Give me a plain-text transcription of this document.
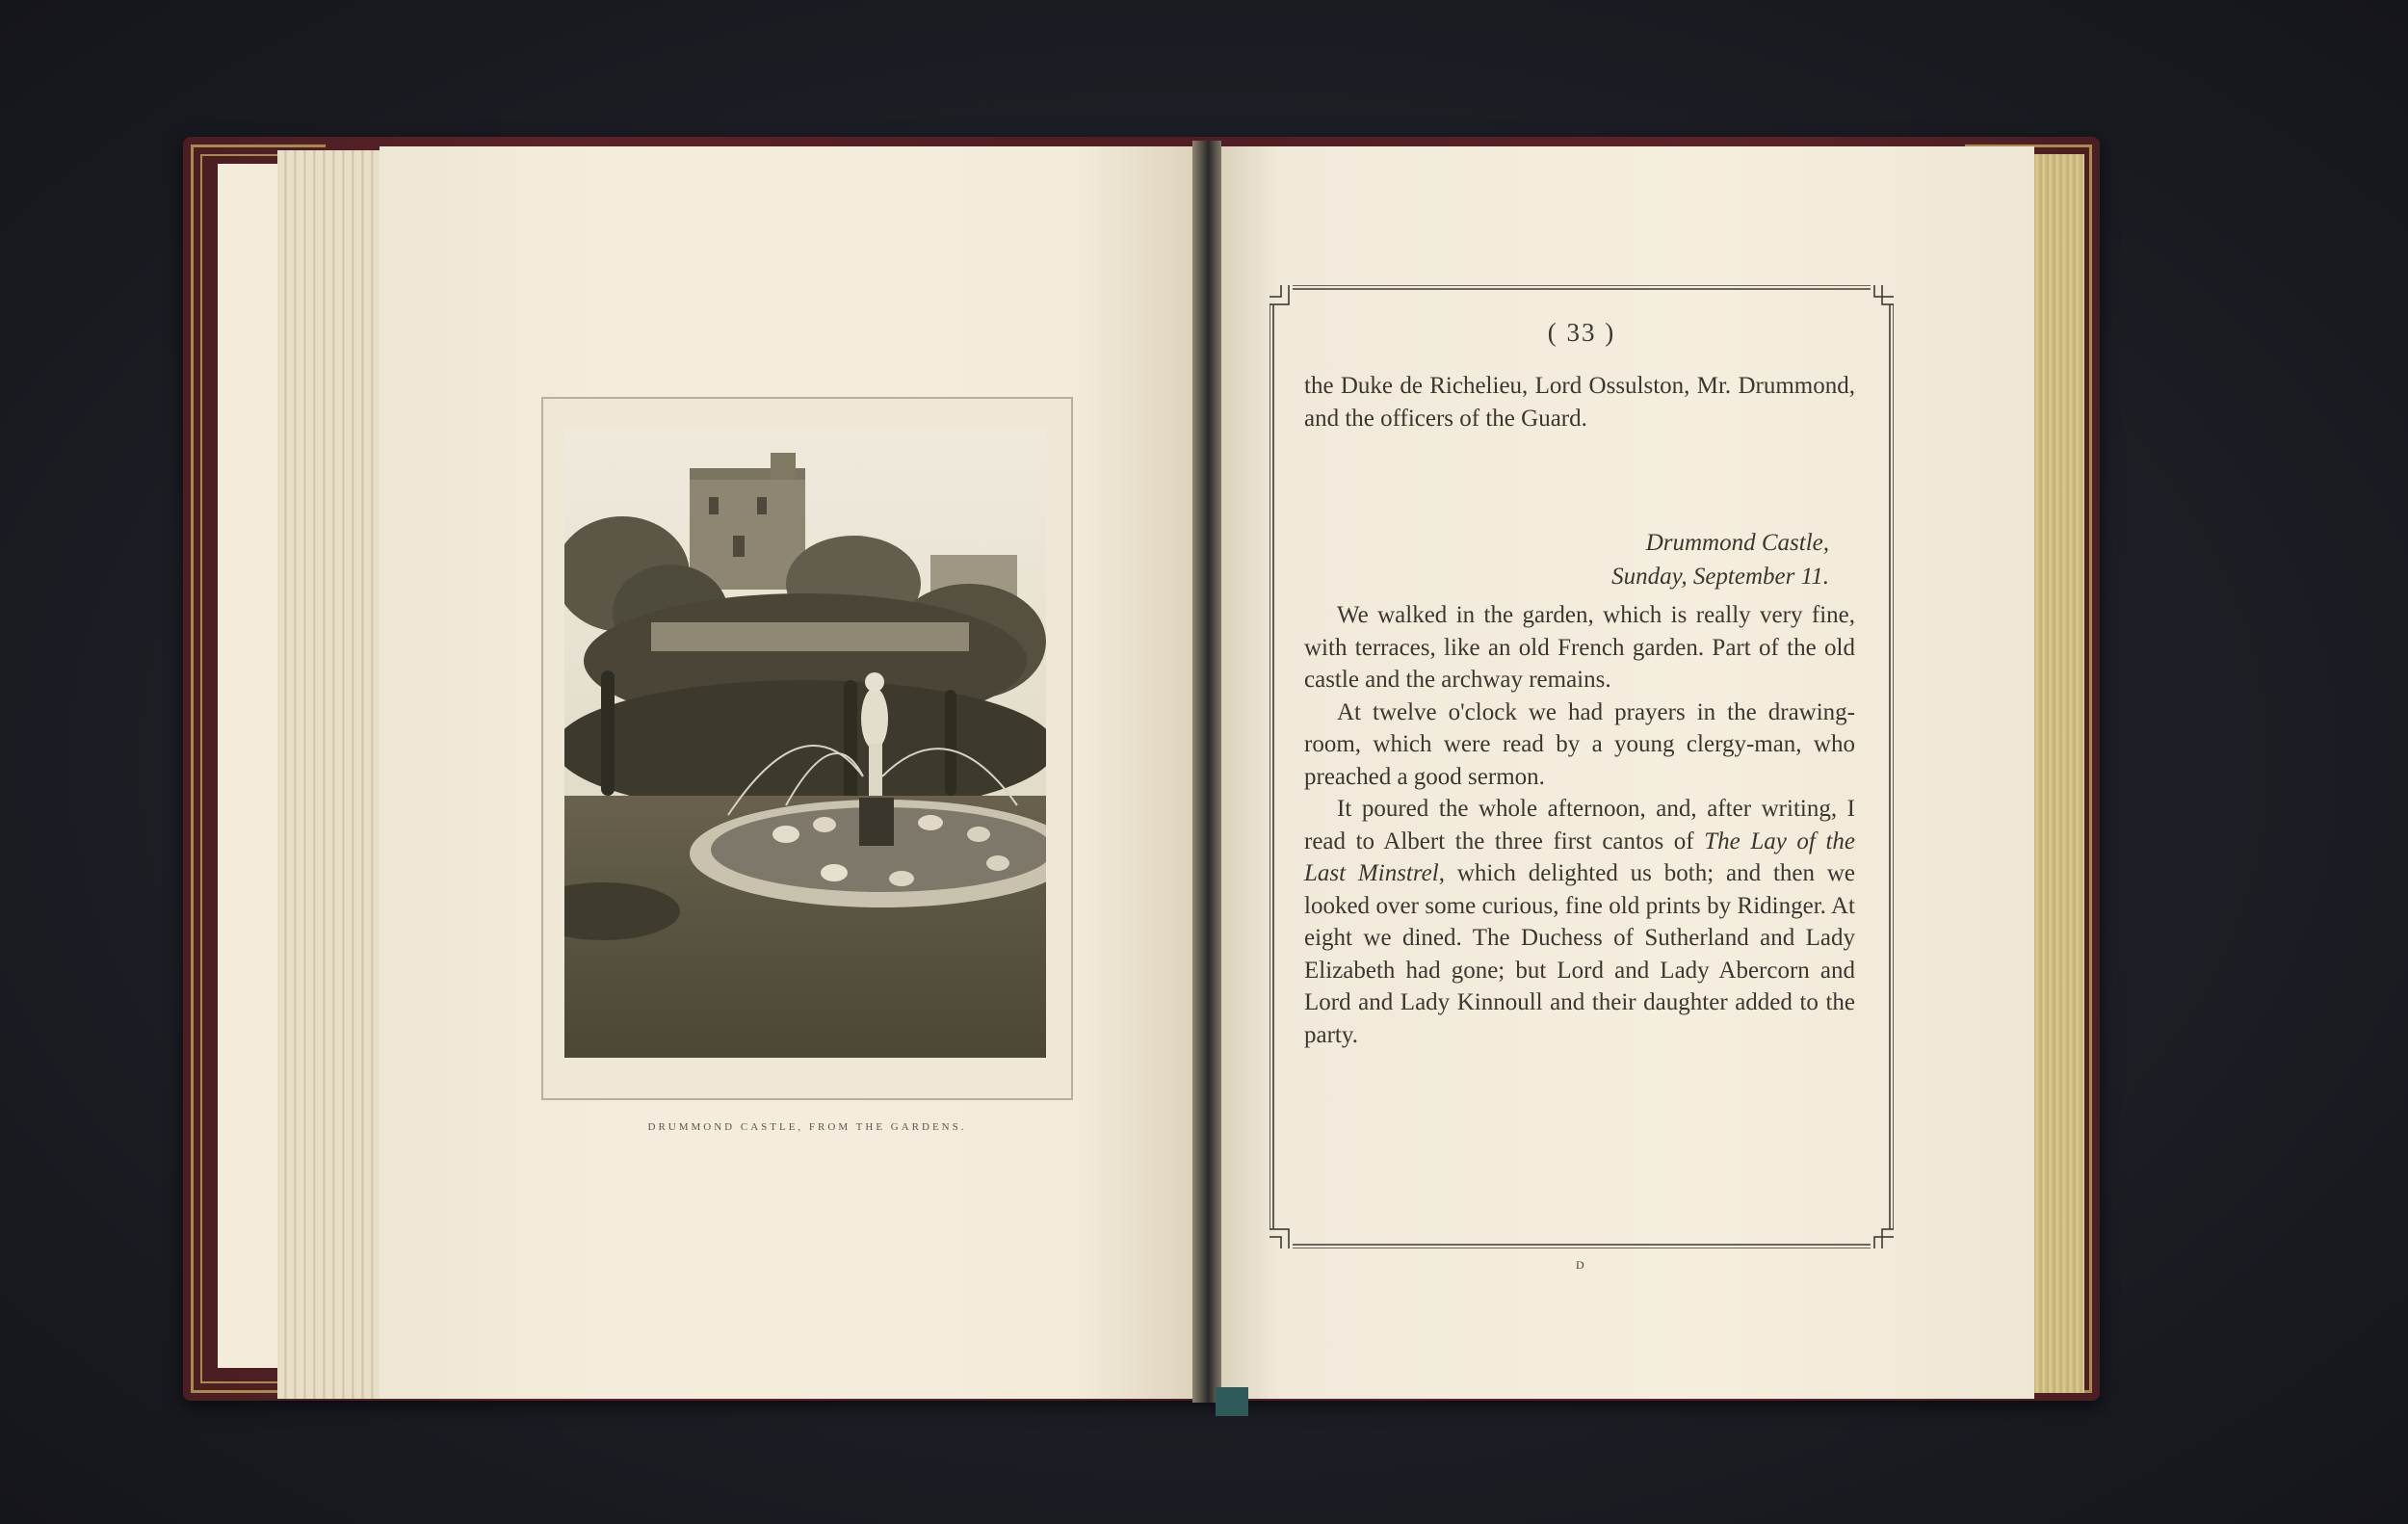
DRUMMOND CASTLE, FROM THE GARDENS.
( 33 )

the Duke de Richelieu, Lord Ossulston, Mr. Drummond, and the officers of the Guard.

Drummond Castle,
Sunday, September 11.

We walked in the garden, which is really very fine, with terraces, like an old French garden. Part of the old castle and the archway remains.

At twelve o'clock we had prayers in the drawing-room, which were read by a young clergy-man, who preached a good sermon.

It poured the whole afternoon, and, after writing, I read to Albert the three first cantos of The Lay of the Last Minstrel, which delighted us both; and then we looked over some curious, fine old prints by Ridinger. At eight we dined. The Duchess of Sutherland and Lady Elizabeth had gone; but Lord and Lady Abercorn and Lord and Lady Kinnoull and their daughter added to the party.

D
